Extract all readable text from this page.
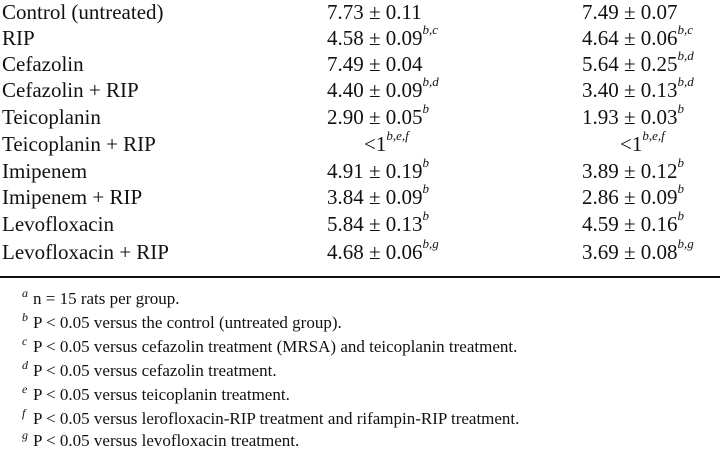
Control (untreated)	7.73 ± 0.11	7.49 ± 0.07
RIP	$4.58 \pm 0.09^{b,c}$	$4.64 \pm 0.06^{b,c}$
Cefazolin	7.49 ± 0.04	$5.64 \pm 0.25^{b,d}$
Cefazolin + RIP	$4.40 \pm 0.09^{b,d}$	$3.40 \pm 0.13^{b,d}$
Teicoplanin	2.90 ± 0.05$^b$	1.93 ± 0.03$^b$
Teicoplanin + RIP	$<1^{b,e,f}$	$<1^{b,e,f}$
Imipenem	4.91 ± 0.19$^b$	3.89 ± 0.12$^b$
Imipenem + RIP	3.84 ± 0.09$^b$	2.86 ± 0.09$^b$
Levofloxacin	5.84 ± 0.13$^b$	4.59 ± 0.16$^b$
Levofloxacin + RIP	$4.68 \pm 0.06^{b,g}$	$3.69 \pm 0.08^{b,g}$
a n = 15 rats per group.
b P < 0.05 versus the control (untreated group).
c P < 0.05 versus cefazolin treatment (MRSA) and teicoplanin treatment.
d P < 0.05 versus cefazolin treatment.
e P < 0.05 versus teicoplanin treatment.
f P < 0.05 versus lerofloxacin-RIP treatment and rifampin-RIP treatment.
g P < 0.05 versus levofloxacin treatment.
